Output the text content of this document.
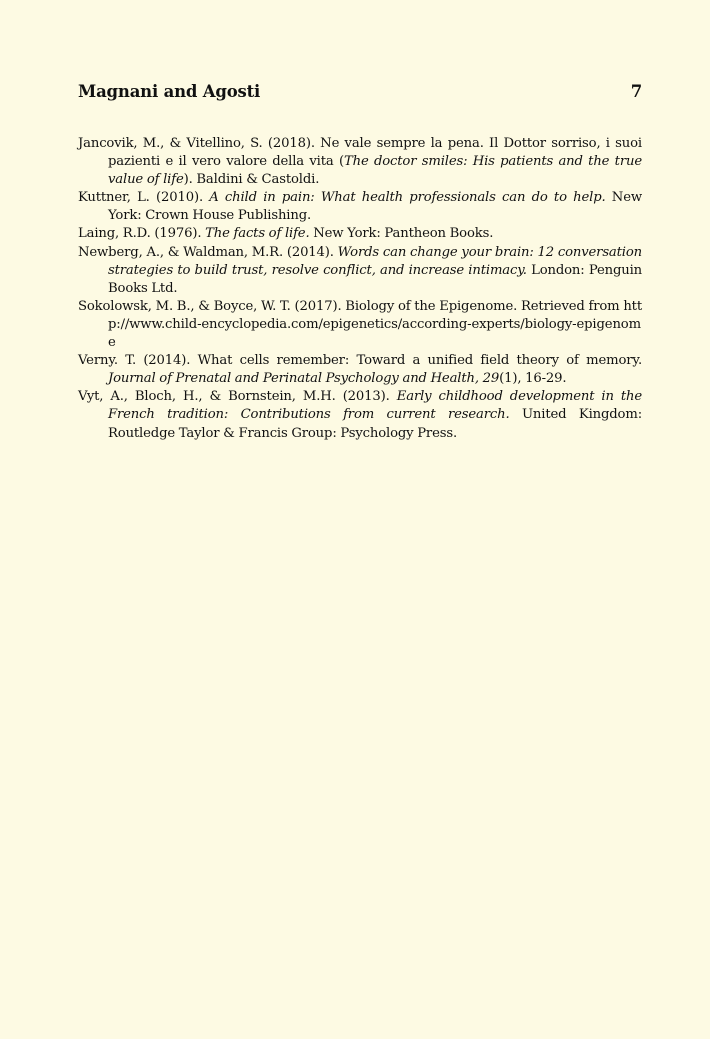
Magnani and Agosti	7
Jancovik, M., & Vitellino, S. (2018). Ne vale sempre la pena. Il Dottor sorriso, i suoi pazienti e il vero valore della vita (The doctor smiles: His patients and the true value of life). Baldini & Castoldi.
Kuttner, L. (2010). A child in pain: What health professionals can do to help. New York: Crown House Publishing.
Laing, R.D. (1976). The facts of life. New York: Pantheon Books.
Newberg, A., & Waldman, M.R. (2014). Words can change your brain: 12 conversation strategies to build trust, resolve conflict, and increase intimacy. London: Penguin Books Ltd.
Sokolowsk, M. B., & Boyce, W. T. (2017). Biology of the Epigenome. Retrieved from http://www.child-encyclopedia.com/epigenetics/according-experts/biology-epigenome
Verny. T. (2014). What cells remember: Toward a unified field theory of memory. Journal of Prenatal and Perinatal Psychology and Health, 29(1), 16-29.
Vyt, A., Bloch, H., & Bornstein, M.H. (2013). Early childhood development in the French tradition: Contributions from current research. United Kingdom: Routledge Taylor & Francis Group: Psychology Press.
